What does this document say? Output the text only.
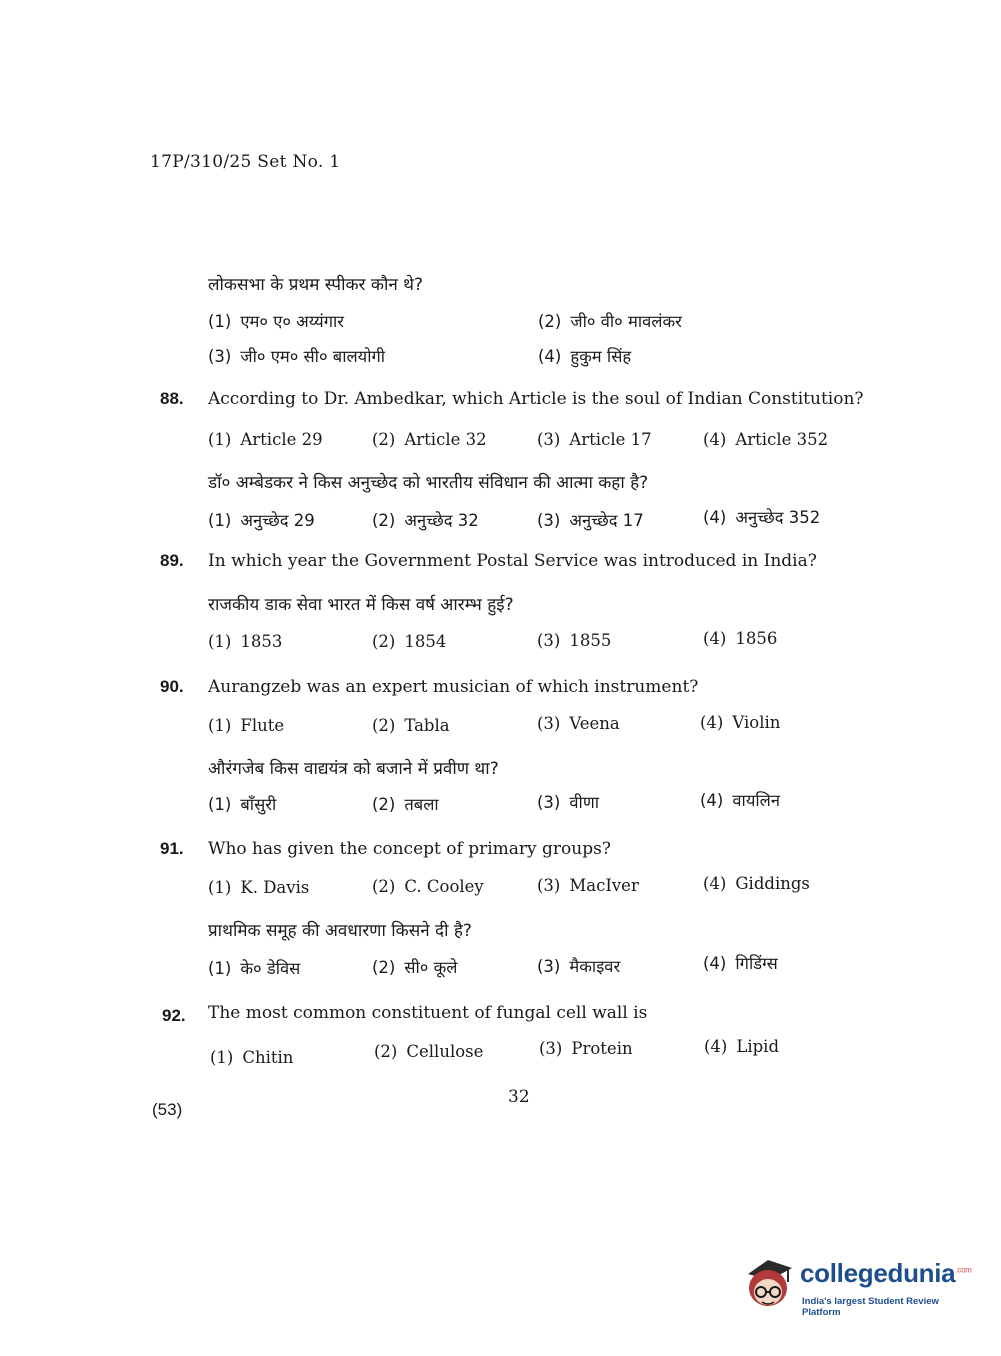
17P/310/25 Set No. 1
लोकसभा के प्रथम स्पीकर कौन थे?
(1) एम० ए० अय्यंगार	(2) जी० वी० मावलंकर
(3) जी० एम० सी० बालयोगी	(4) हुकुम सिंह
88. According to Dr. Ambedkar, which Article is the soul of Indian Constitution?
(1) Article 29	(2) Article 32	(3) Article 17	(4) Article 352
डॉ० अम्बेडकर ने किस अनुच्छेद को भारतीय संविधान की आत्मा कहा है?
(1) अनुच्छेद 29	(2) अनुच्छेद 32	(3) अनुच्छेद 17	(4) अनुच्छेद 352
89. In which year the Government Postal Service was introduced in India?
राजकीय डाक सेवा भारत में किस वर्ष आरम्भ हुई?
(1) 1853	(2) 1854	(3) 1855	(4) 1856
90. Aurangzeb was an expert musician of which instrument?
(1) Flute	(2) Tabla	(3) Veena	(4) Violin
औरंगजेब किस वाद्ययंत्र को बजाने में प्रवीण था?
(1) बाँसुरी	(2) तबला	(3) वीणा	(4) वायलिन
91. Who has given the concept of primary groups?
(1) K. Davis	(2) C. Cooley	(3) MacIver	(4) Giddings
प्राथमिक समूह की अवधारणा किसने दी है?
(1) के० डेविस	(2) सी० कूले	(3) मैकाइवर	(4) गिडिंग्स
92. The most common constituent of fungal cell wall is
(1) Chitin	(2) Cellulose	(3) Protein	(4) Lipid
32
(53)
collegedunia$^{.com}$
India's largest Student Review Platform
